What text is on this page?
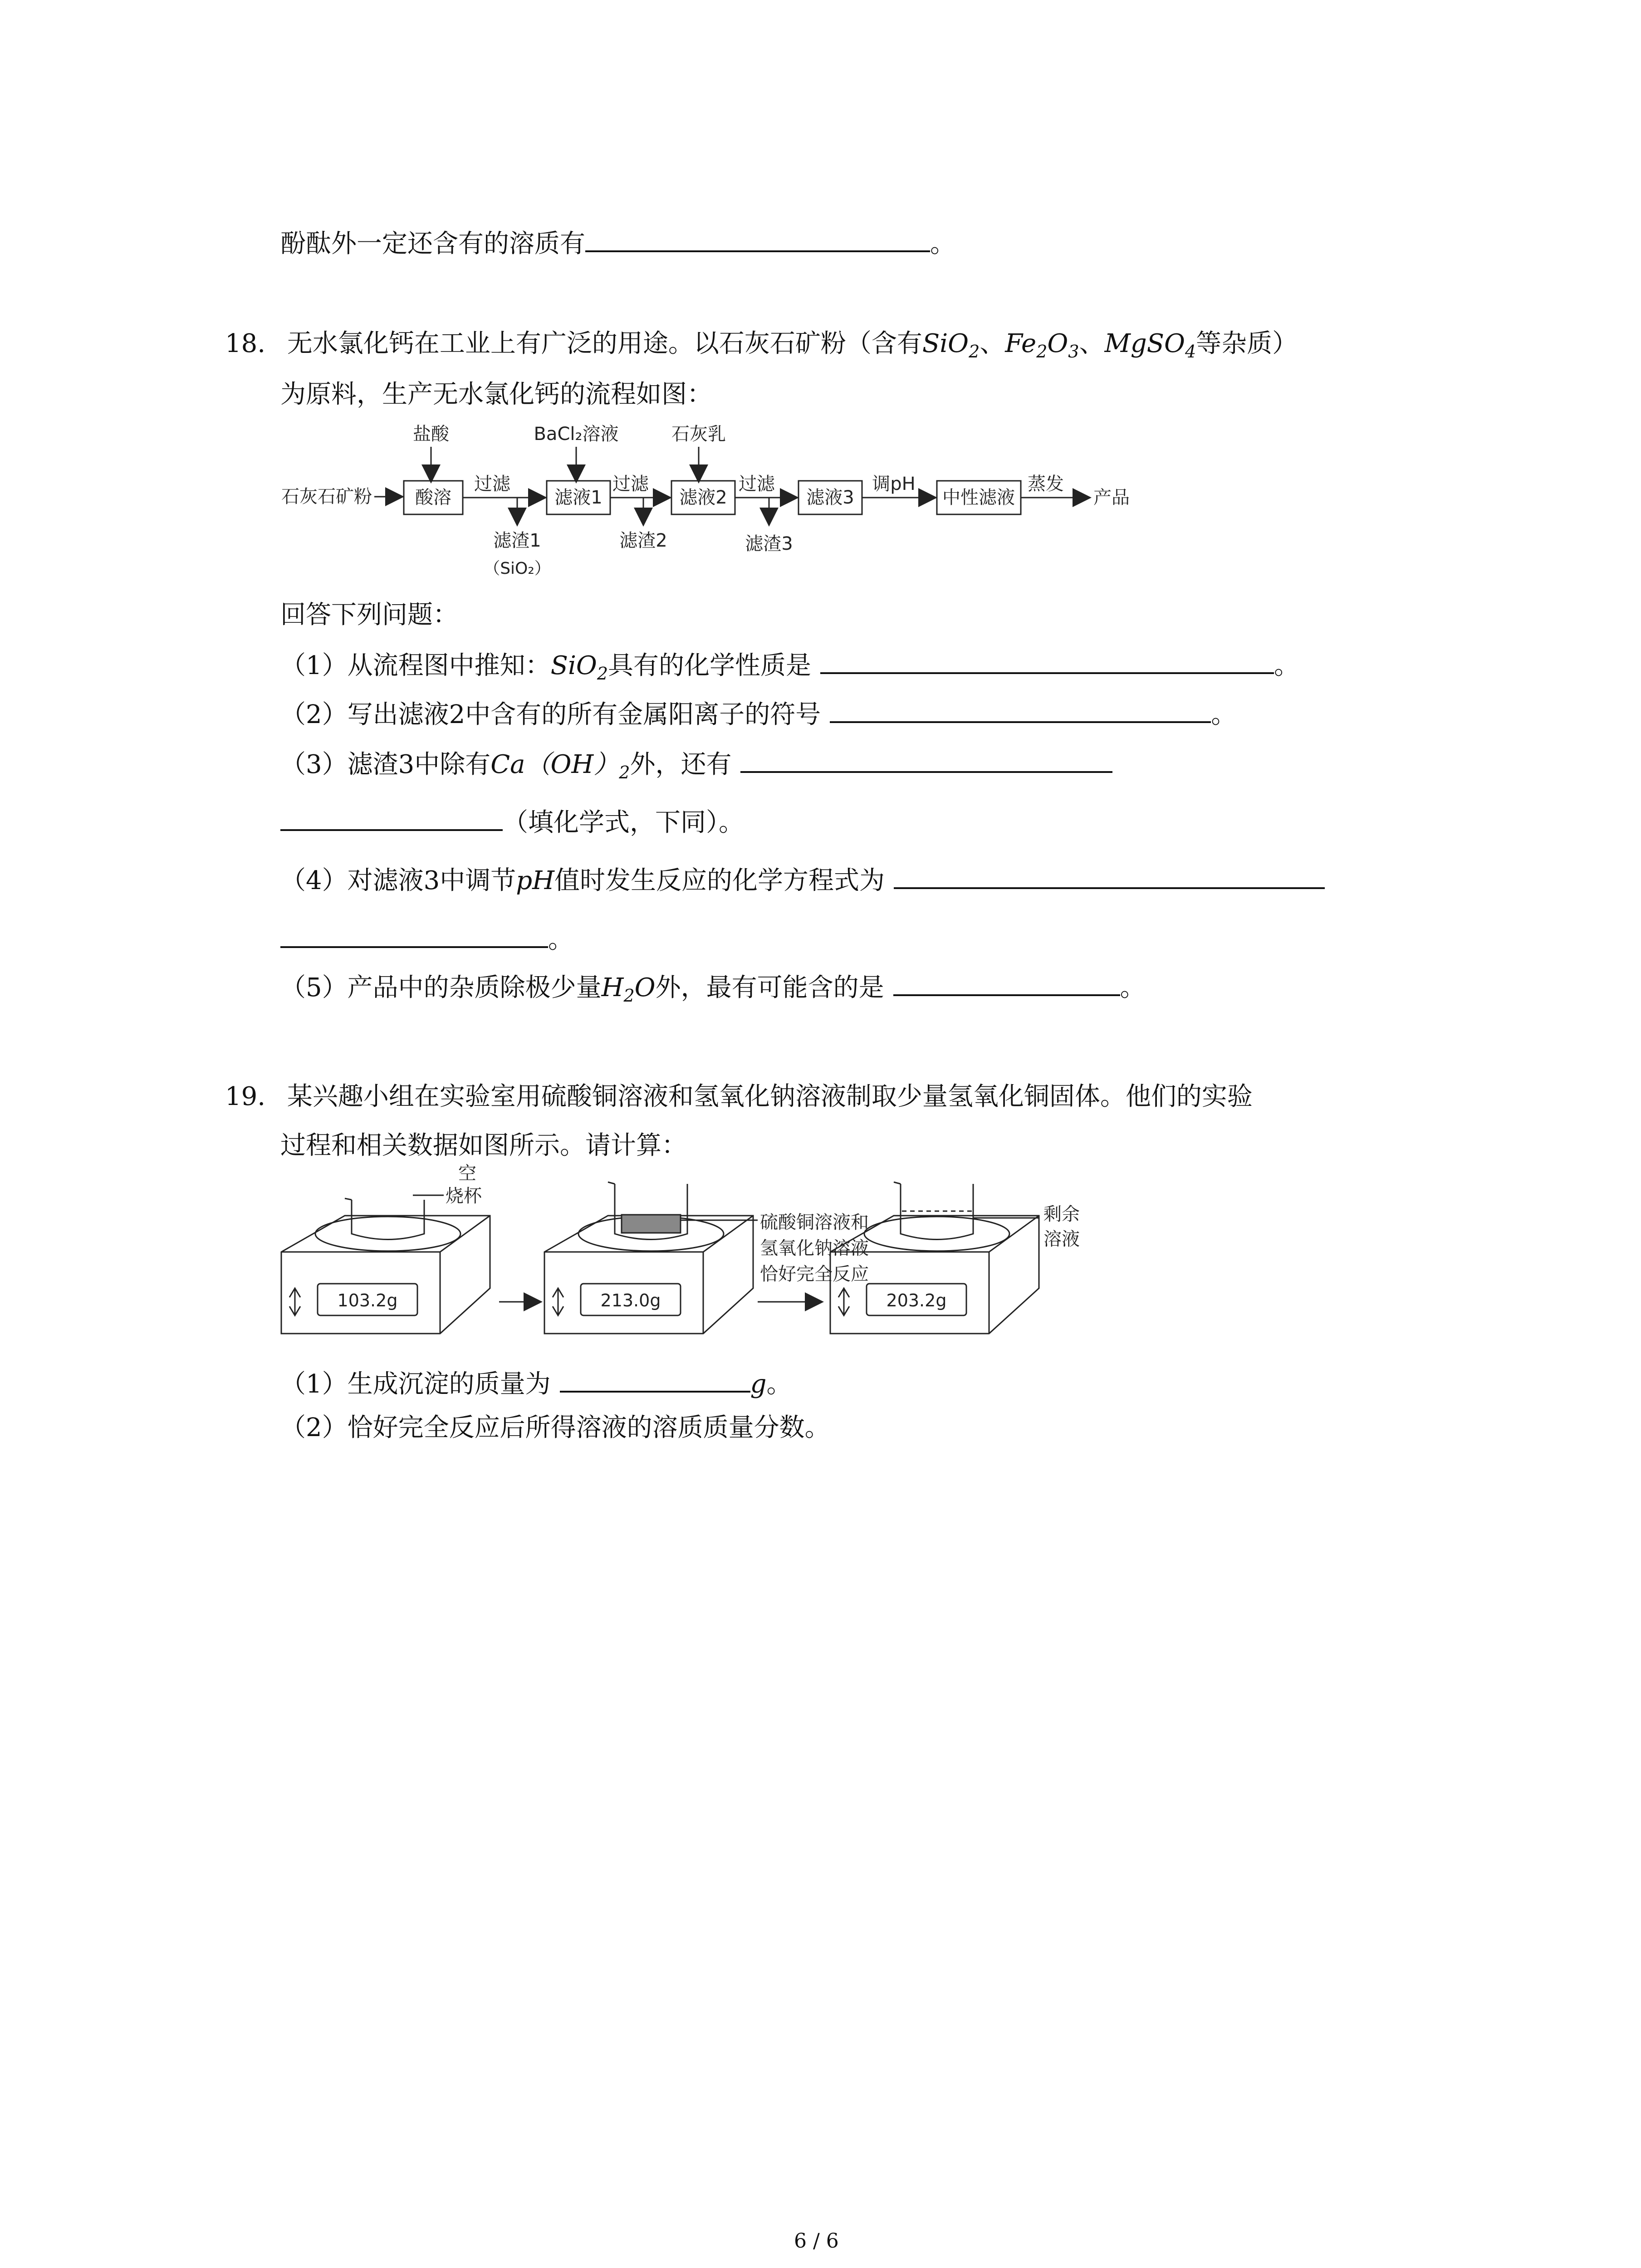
酚酞外一定还含有的溶质有	。
18. 无水氯化钙在工业上有广泛的用途。以石灰石矿粉（含有SiO$_2$、$Fe_2O_3$、MgSO$_4$等杂质）
为原料，生产无水氯化钙的流程如图：
盐酸	BaCl₂溶液	石灰乳
石灰石矿粉 酸溶	滤液1	滤液2	滤液3	中性滤液
过滤	过滤	过滤	调pH	蒸发
产品
滤渣1
（SiO₂）
滤渣2	滤渣3
回答下列问题：
（1）从流程图中推知：SiO$_2$具有的化学性质是	。
（2）写出滤液2中含有的所有金属阳离子的符号	。
（3）滤渣3中除有$Ca(OH)_2$外，还有
（填化学式，下同）。
（4）对滤液3中调节pH值时发生反应的化学方程式为
。
（5）产品中的杂质除极少量$H_2O$外，最有可能含的是	。
19. 某兴趣小组在实验室用硫酸铜溶液和氢氧化钠溶液制取少量氢氧化铜固体。他们的实验
过程和相关数据如图所示。请计算：
空
烧杯
103.2g	213.0g	203.2g
硫酸铜溶液和
氢氧化钠溶液
恰好完全反应
剩余
溶液
（1）生成沉淀的质量为	g。
（2）恰好完全反应后所得溶液的溶质质量分数。
6 / 6
